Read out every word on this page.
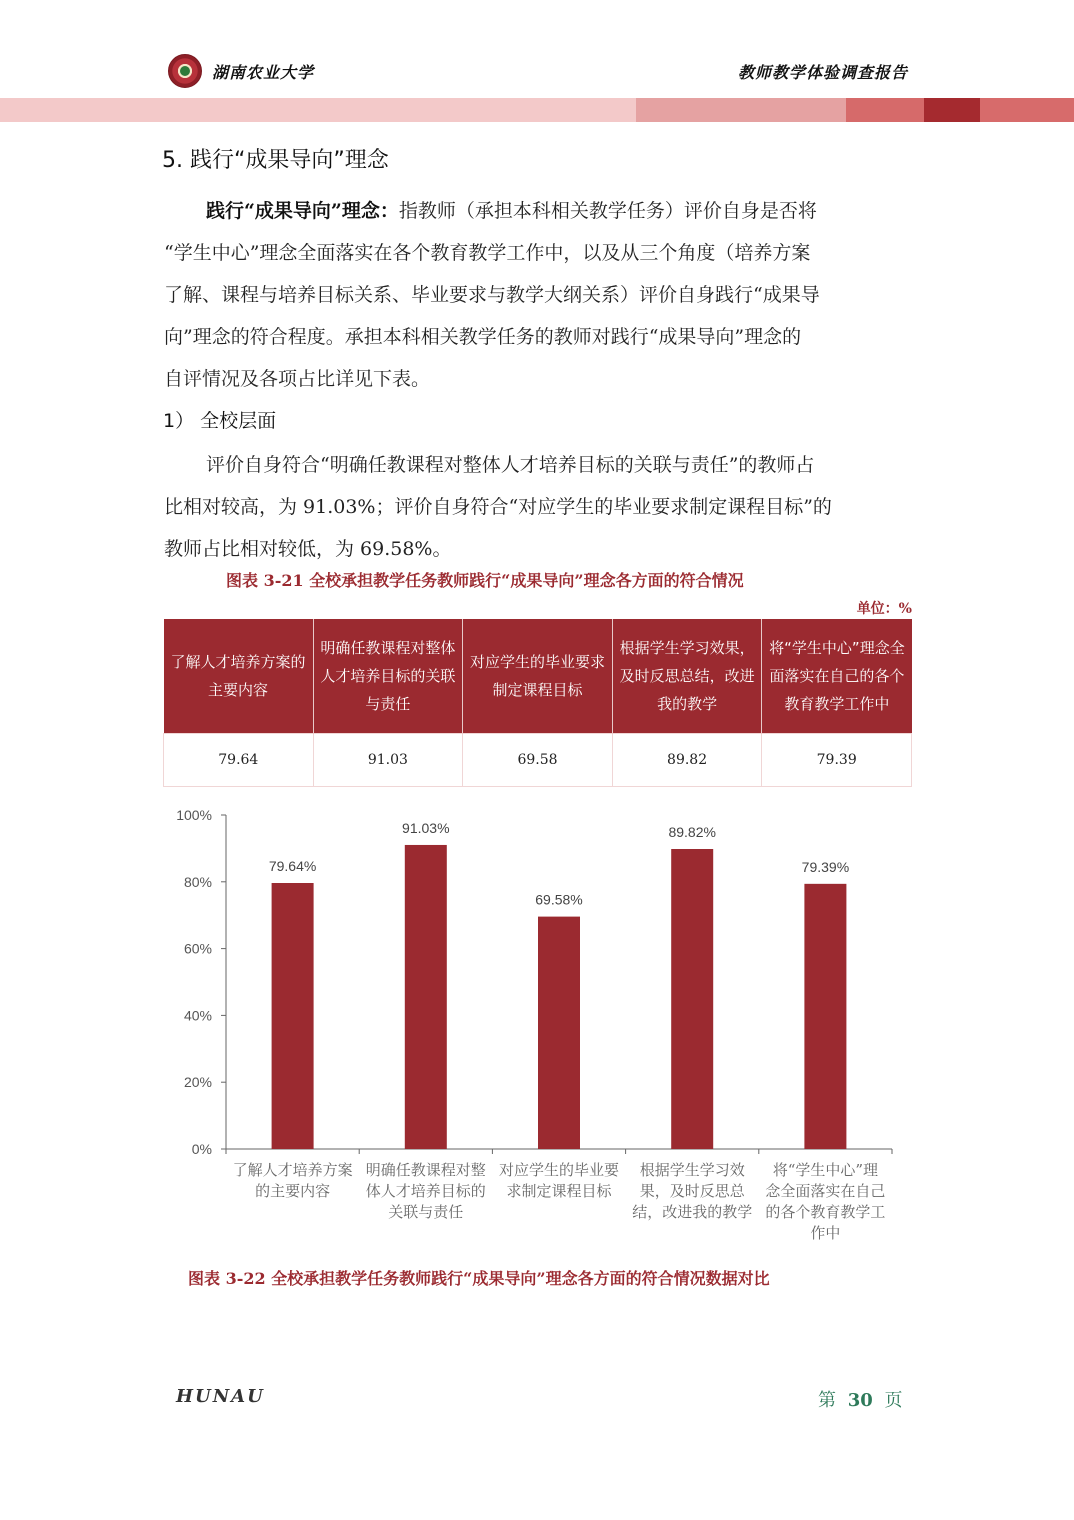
湖南农业大学	教师教学体验调查报告
5. 践行“成果导向”理念
践行“成果导向”理念：指教师（承担本科相关教学任务）评价自身是否将
“学生中心”理念全面落实在各个教育教学工作中，以及从三个角度（培养方案
了解、课程与培养目标关系、毕业要求与教学大纲关系）评价自身践行“成果导
向”理念的符合程度。承担本科相关教学任务的教师对践行“成果导向”理念的
自评情况及各项占比详见下表。
1） 全校层面
评价自身符合“明确任教课程对整体人才培养目标的关联与责任”的教师占
比相对较高，为 91.03%；评价自身符合“对应学生的毕业要求制定课程目标”的
教师占比相对较低，为 69.58%。
图表 3-21 全校承担教学任务教师践行“成果导向”理念各方面的符合情况
单位：%
了解人才培养方案的主要内容	明确任教课程对整体人才培养目标的关联与责任	对应学生的毕业要求制定课程目标	根据学生学习效果，及时反思总结，改进我的教学	将“学生中心”理念全面落实在自己的各个教育教学工作中
79.64	91.03	69.58	89.82	79.39
0%
20%
40%
60%
80%
100%
79.64%
了解人才培养方案
的主要内容
91.03%
明确任教课程对整
体人才培养目标的
关联与责任
69.58%
对应学生的毕业要
求制定课程目标
89.82%
根据学生学习效
果，及时反思总
结，改进我的教学
79.39%
将“学生中心”理
念全面落实在自己
的各个教育教学工
作中
图表 3-22 全校承担教学任务教师践行“成果导向”理念各方面的符合情况数据对比
HUNAU	第 30 页
